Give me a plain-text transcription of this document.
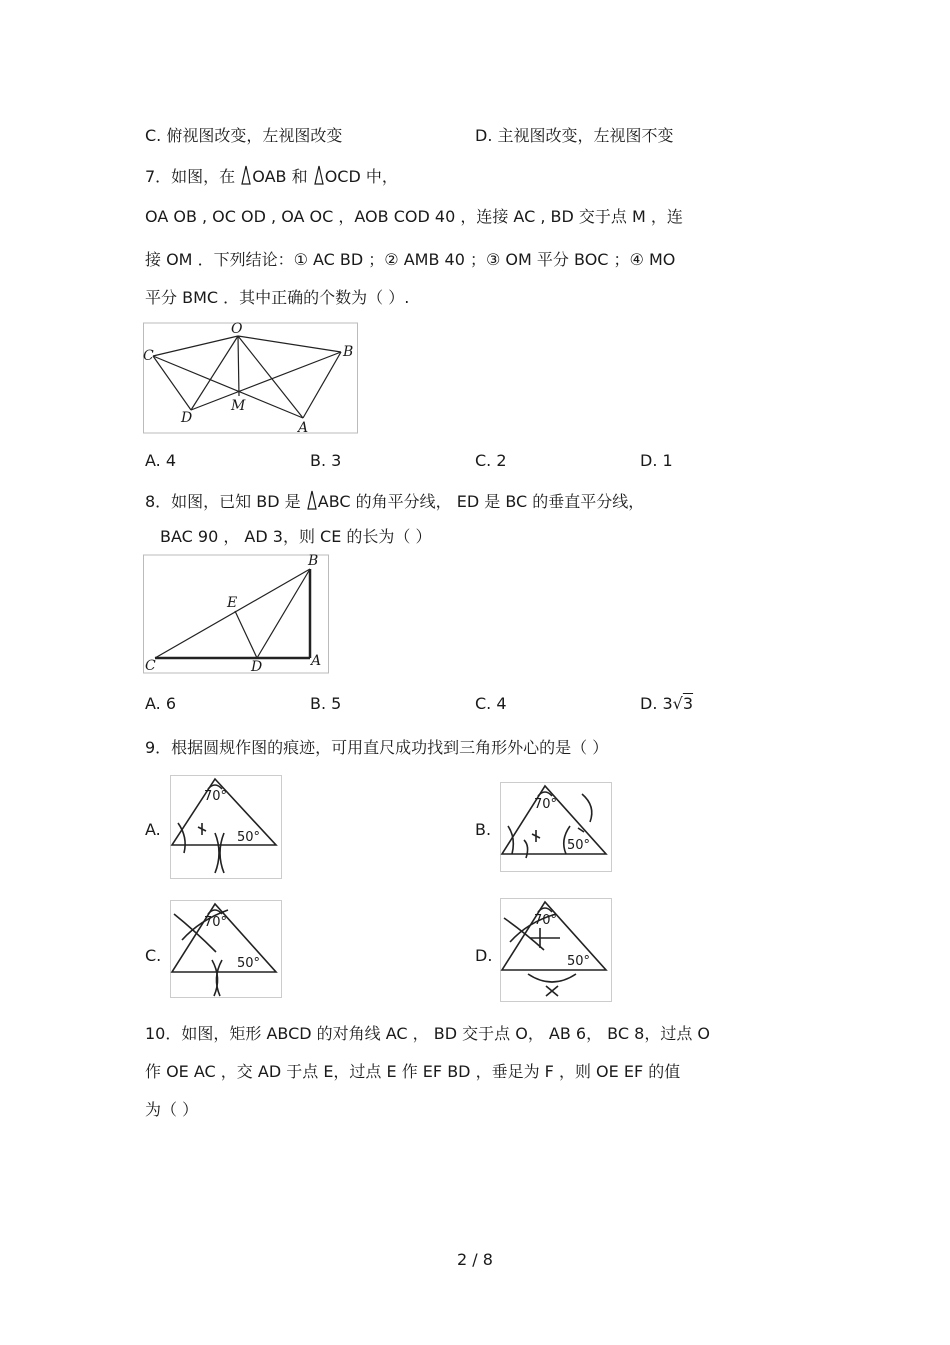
C. 俯视图改变，左视图改变	D. 主视图改变，左视图不变
7．如图，在 OAB 和 OCD 中，
OA OB , OC OD , OA OC ，AOB COD 40 ，连接 AC , BD 交于点 M ，连
接 OM ．下列结论：① AC BD ；② AMB 40 ；③ OM 平分 BOC ；④ MO
平分 BMC ．其中正确的个数为（ ）.
O
B
C
D
M
A
A. 4	B. 3	C. 2	D. 1
8．如图，已知 BD 是 ABC 的角平分线， ED 是 BC 的垂直平分线，
BAC 90 ， AD 3，则 CE 的长为（ ）
B
E
C	D	A
A. 6	B. 5	C. 4	D. 3√3
9．根据圆规作图的痕迹，可用直尺成功找到三角形外心的是（ ）
A.
70°
50°	B.
70°
50°
C.
70°
50°	D.
70°
50°
10．如图，矩形 ABCD 的对角线 AC ， BD 交于点 O， AB 6， BC 8，过点 O
作 OE AC ，交 AD 于点 E，过点 E 作 EF BD ，垂足为 F ，则 OE EF 的值
为（ ）
2 / 8
